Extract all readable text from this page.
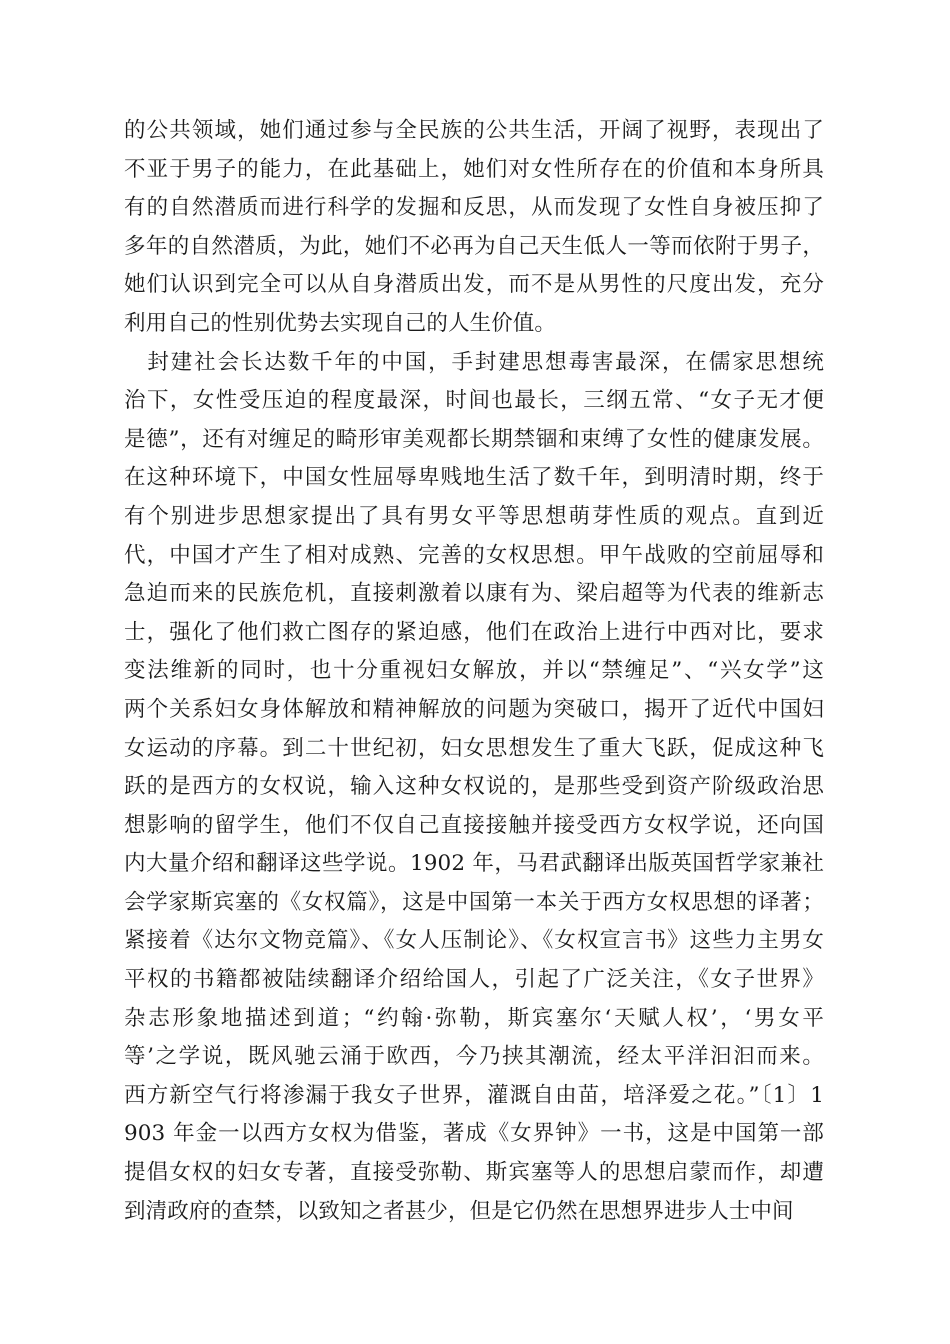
的公共领域，她们通过参与全民族的公共生活，开阔了视野，表现出了
不亚于男子的能力，在此基础上，她们对女性所存在的价值和本身所具
有的自然潜质而进行科学的发掘和反思，从而发现了女性自身被压抑了
多年的自然潜质，为此，她们不必再为自己天生低人一等而依附于男子，
她们认识到完全可以从自身潜质出发，而不是从男性的尺度出发，充分
利用自己的性别优势去实现自己的人生价值。
　封建社会长达数千年的中国，手封建思想毒害最深，在儒家思想统
治下，女性受压迫的程度最深，时间也最长，三纲五常、“女子无才便
是德”，还有对缠足的畸形审美观都长期禁锢和束缚了女性的健康发展。
在这种环境下，中国女性屈辱卑贱地生活了数千年，到明清时期，终于
有个别进步思想家提出了具有男女平等思想萌芽性质的观点。直到近
代，中国才产生了相对成熟、完善的女权思想。甲午战败的空前屈辱和
急迫而来的民族危机，直接刺激着以康有为、梁启超等为代表的维新志
士，强化了他们救亡图存的紧迫感，他们在政治上进行中西对比，要求
变法维新的同时，也十分重视妇女解放，并以“禁缠足”、“兴女学”这
两个关系妇女身体解放和精神解放的问题为突破口，揭开了近代中国妇
女运动的序幕。到二十世纪初，妇女思想发生了重大飞跃，促成这种飞
跃的是西方的女权说，输入这种女权说的，是那些受到资产阶级政治思
想影响的留学生，他们不仅自己直接接触并接受西方女权学说，还向国
内大量介绍和翻译这些学说。1902 年，马君武翻译出版英国哲学家兼社
会学家斯宾塞的《女权篇》，这是中国第一本关于西方女权思想的译著；
紧接着《达尔文物竞篇》、《女人压制论》、《女权宣言书》这些力主男女
平权的书籍都被陆续翻译介绍给国人，引起了广泛关注，《女子世界》
杂志形象地描述到道；“约翰·弥勒，斯宾塞尔‘天赋人权’，‘男女平
等’之学说，既风驰云涌于欧西，今乃挟其潮流，经太平洋汩汩而来。
西方新空气行将渗漏于我女子世界，灌溉自由苗，培泽爱之花。”〔1〕1
903 年金一以西方女权为借鉴，著成《女界钟》一书，这是中国第一部
提倡女权的妇女专著，直接受弥勒、斯宾塞等人的思想启蒙而作，却遭
到清政府的查禁，以致知之者甚少，但是它仍然在思想界进步人士中间
